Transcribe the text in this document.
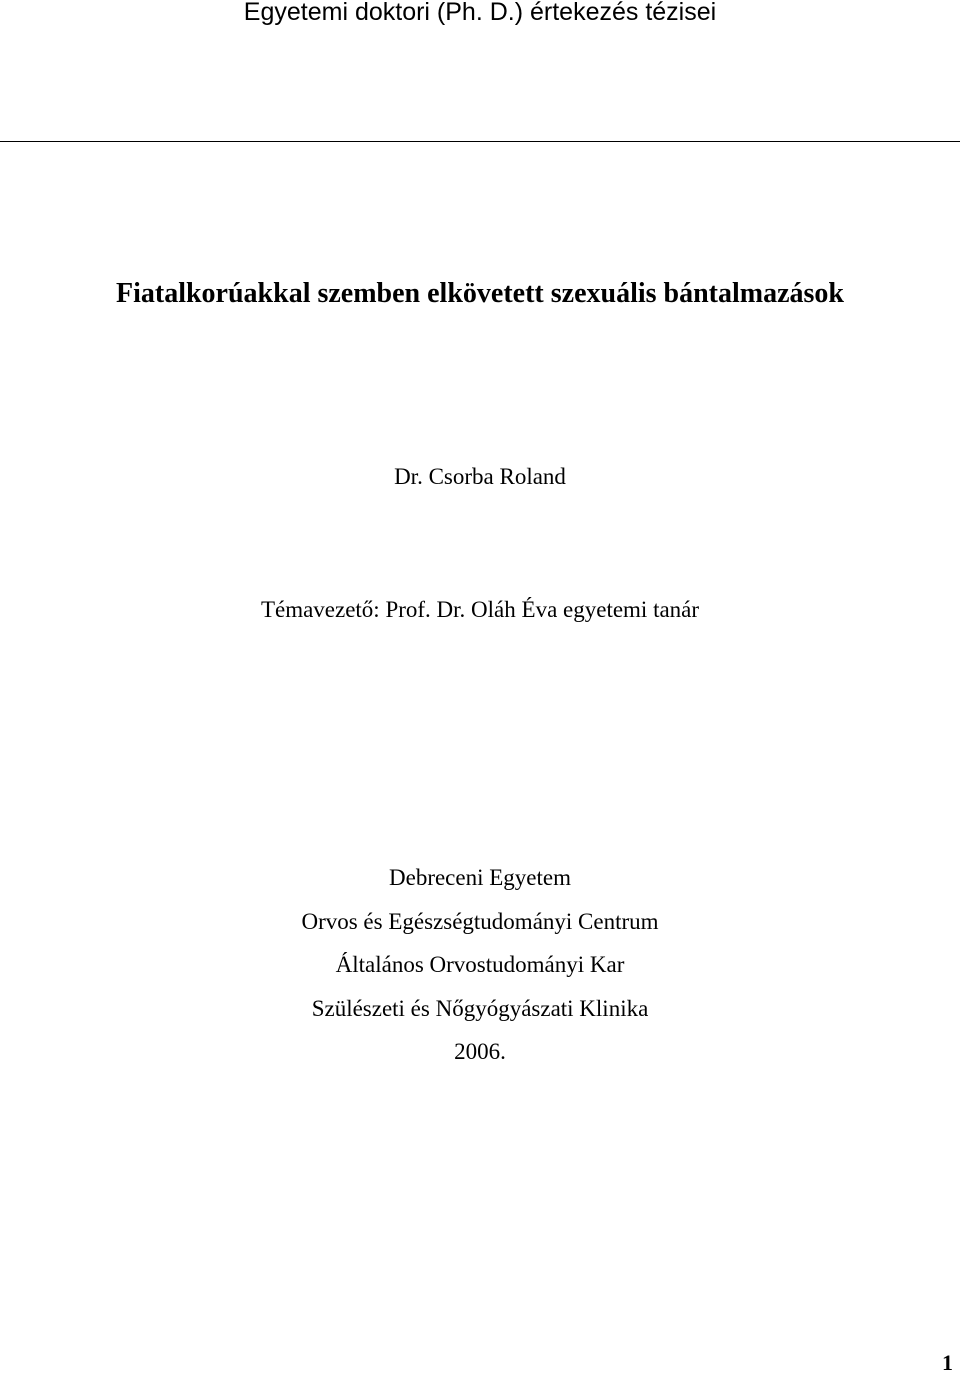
Egyetemi doktori (Ph. D.) értekezés tézisei
Fiatalkorúakkal szemben elkövetett szexuális bántalmazások
Dr. Csorba Roland
Témavezető: Prof. Dr. Oláh Éva egyetemi tanár
Debreceni Egyetem
Orvos és Egészségtudományi Centrum
Általános Orvostudományi Kar
Szülészeti és Nőgyógyászati Klinika
2006.
1
